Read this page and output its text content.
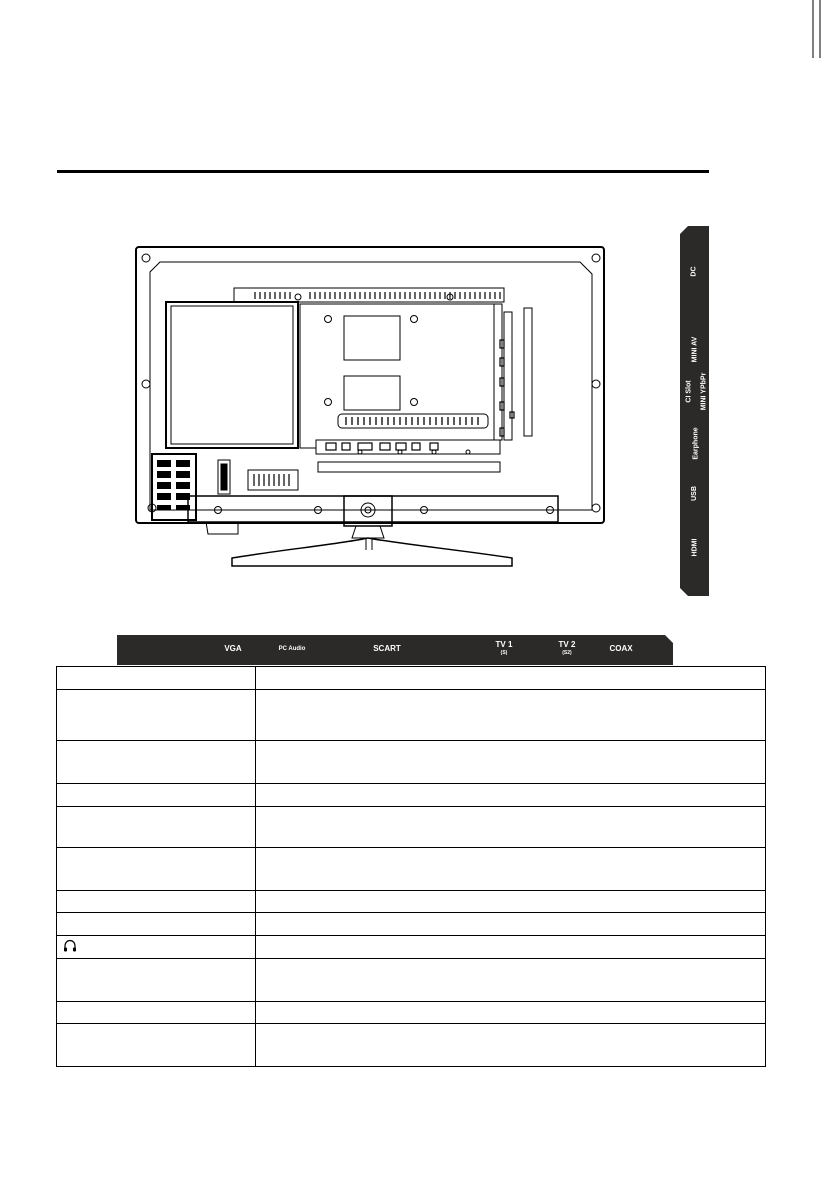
DC
MINI AV
CI Slot	MINI YPbPr
Earphone
USB
HDMI
VGA	PC Audio	SCART	TV 1
(S)
TV 2
(S2)	COAX
